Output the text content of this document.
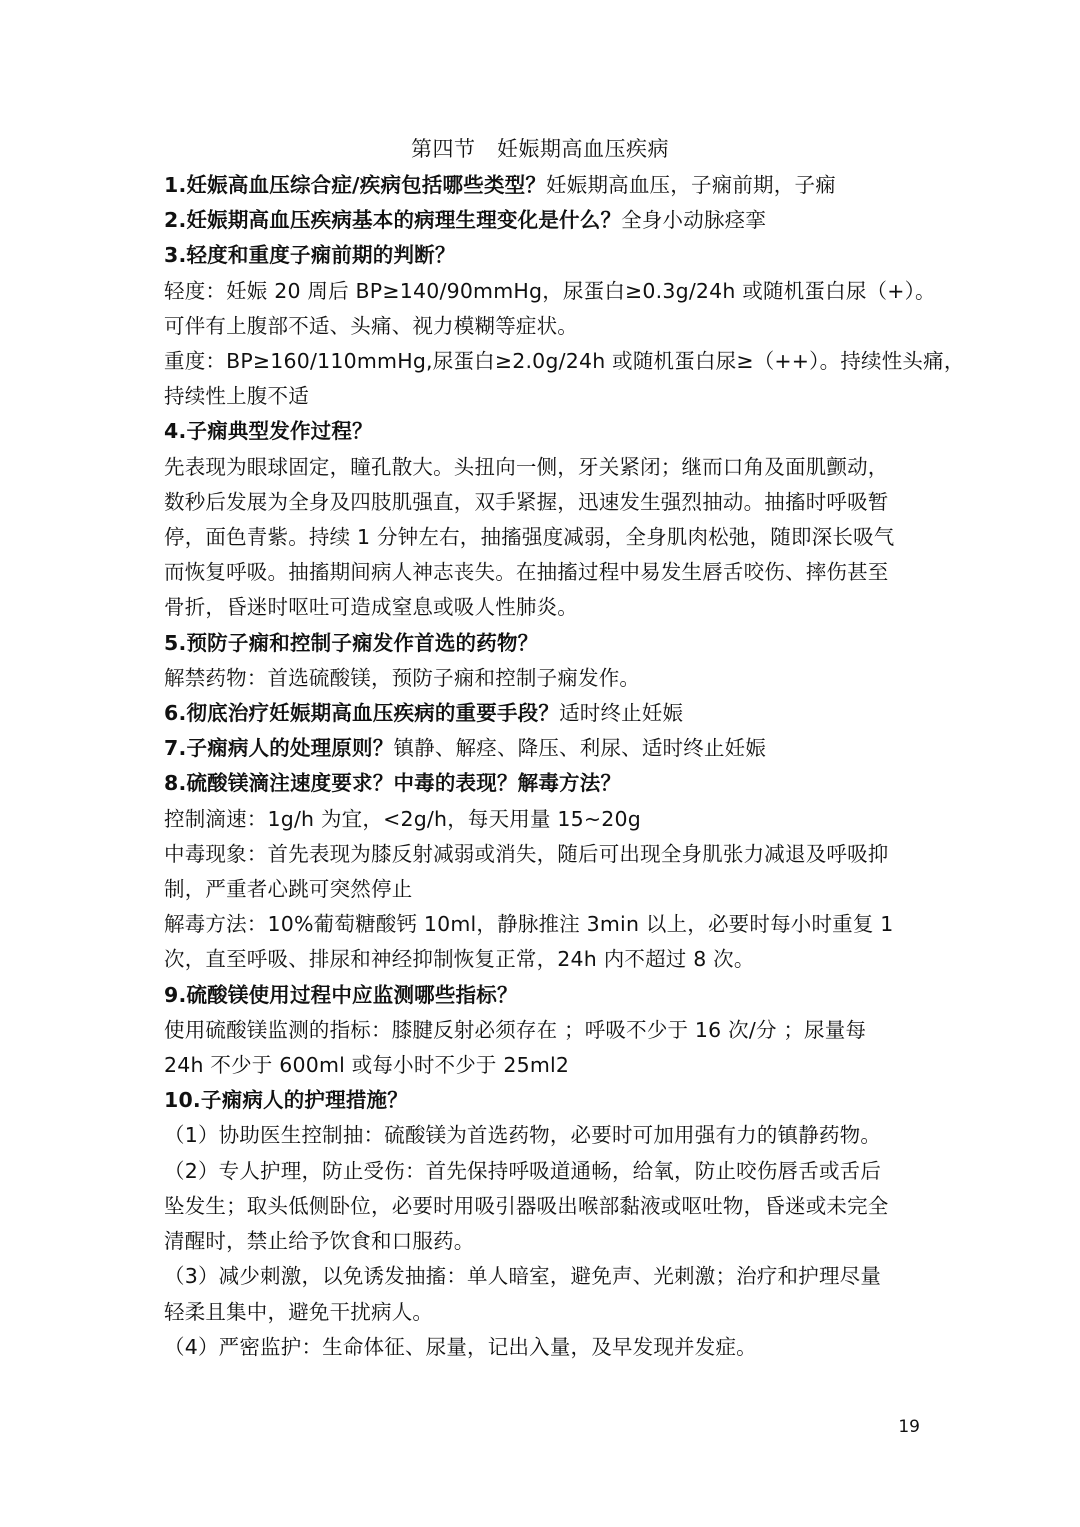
第四节　妊娠期高血压疾病
1.妊娠高血压综合症/疾病包括哪些类型？妊娠期高血压，子痫前期，子痫
2.妊娠期高血压疾病基本的病理生理变化是什么？全身小动脉痉挛
3.轻度和重度子痫前期的判断？
轻度：妊娠 20 周后 BP≥140/90mmHg，尿蛋白≥0.3g/24h 或随机蛋白尿（+）。
可伴有上腹部不适、头痛、视力模糊等症状。
重度：BP≥160/110mmHg,尿蛋白≥2.0g/24h 或随机蛋白尿≥（++）。持续性头痛，
持续性上腹不适
4.子痫典型发作过程？
先表现为眼球固定，瞳孔散大。头扭向一侧，牙关紧闭；继而口角及面肌颤动，
数秒后发展为全身及四肢肌强直，双手紧握，迅速发生强烈抽动。抽搐时呼吸暂
停，面色青紫。持续 1 分钟左右，抽搐强度减弱，全身肌肉松弛，随即深长吸气
而恢复呼吸。抽搐期间病人神志丧失。在抽搐过程中易发生唇舌咬伤、摔伤甚至
骨折，昏迷时呕吐可造成窒息或吸人性肺炎。
5.预防子痫和控制子痫发作首选的药物？
解禁药物：首选硫酸镁，预防子痫和控制子痫发作。
6.彻底治疗妊娠期高血压疾病的重要手段？适时终止妊娠
7.子痫病人的处理原则？镇静、解痉、降压、利尿、适时终止妊娠
8.硫酸镁滴注速度要求？中毒的表现？解毒方法？
控制滴速：1g/h 为宜，<2g/h，每天用量 15~20g
中毒现象：首先表现为膝反射减弱或消失，随后可出现全身肌张力减退及呼吸抑
制，严重者心跳可突然停止
解毒方法：10%葡萄糖酸钙 10ml，静脉推注 3min 以上，必要时每小时重复 1
次，直至呼吸、排尿和神经抑制恢复正常，24h 内不超过 8 次。
9.硫酸镁使用过程中应监测哪些指标？
使用硫酸镁监测的指标：膝腱反射必须存在 ；呼吸不少于 16 次/分 ；尿量每
24h 不少于 600ml 或每小时不少于 25ml2
10.子痫病人的护理措施？
（1）协助医生控制抽：硫酸镁为首选药物，必要时可加用强有力的镇静药物。
（2）专人护理，防止受伤：首先保持呼吸道通畅，给氧，防止咬伤唇舌或舌后
坠发生；取头低侧卧位，必要时用吸引器吸出喉部黏液或呕吐物，昏迷或未完全
清醒时，禁止给予饮食和口服药。
（3）减少刺激，以免诱发抽搐：单人暗室，避免声、光刺激；治疗和护理尽量
轻柔且集中，避免干扰病人。
（4）严密监护：生命体征、尿量，记出入量，及早发现并发症。
19
